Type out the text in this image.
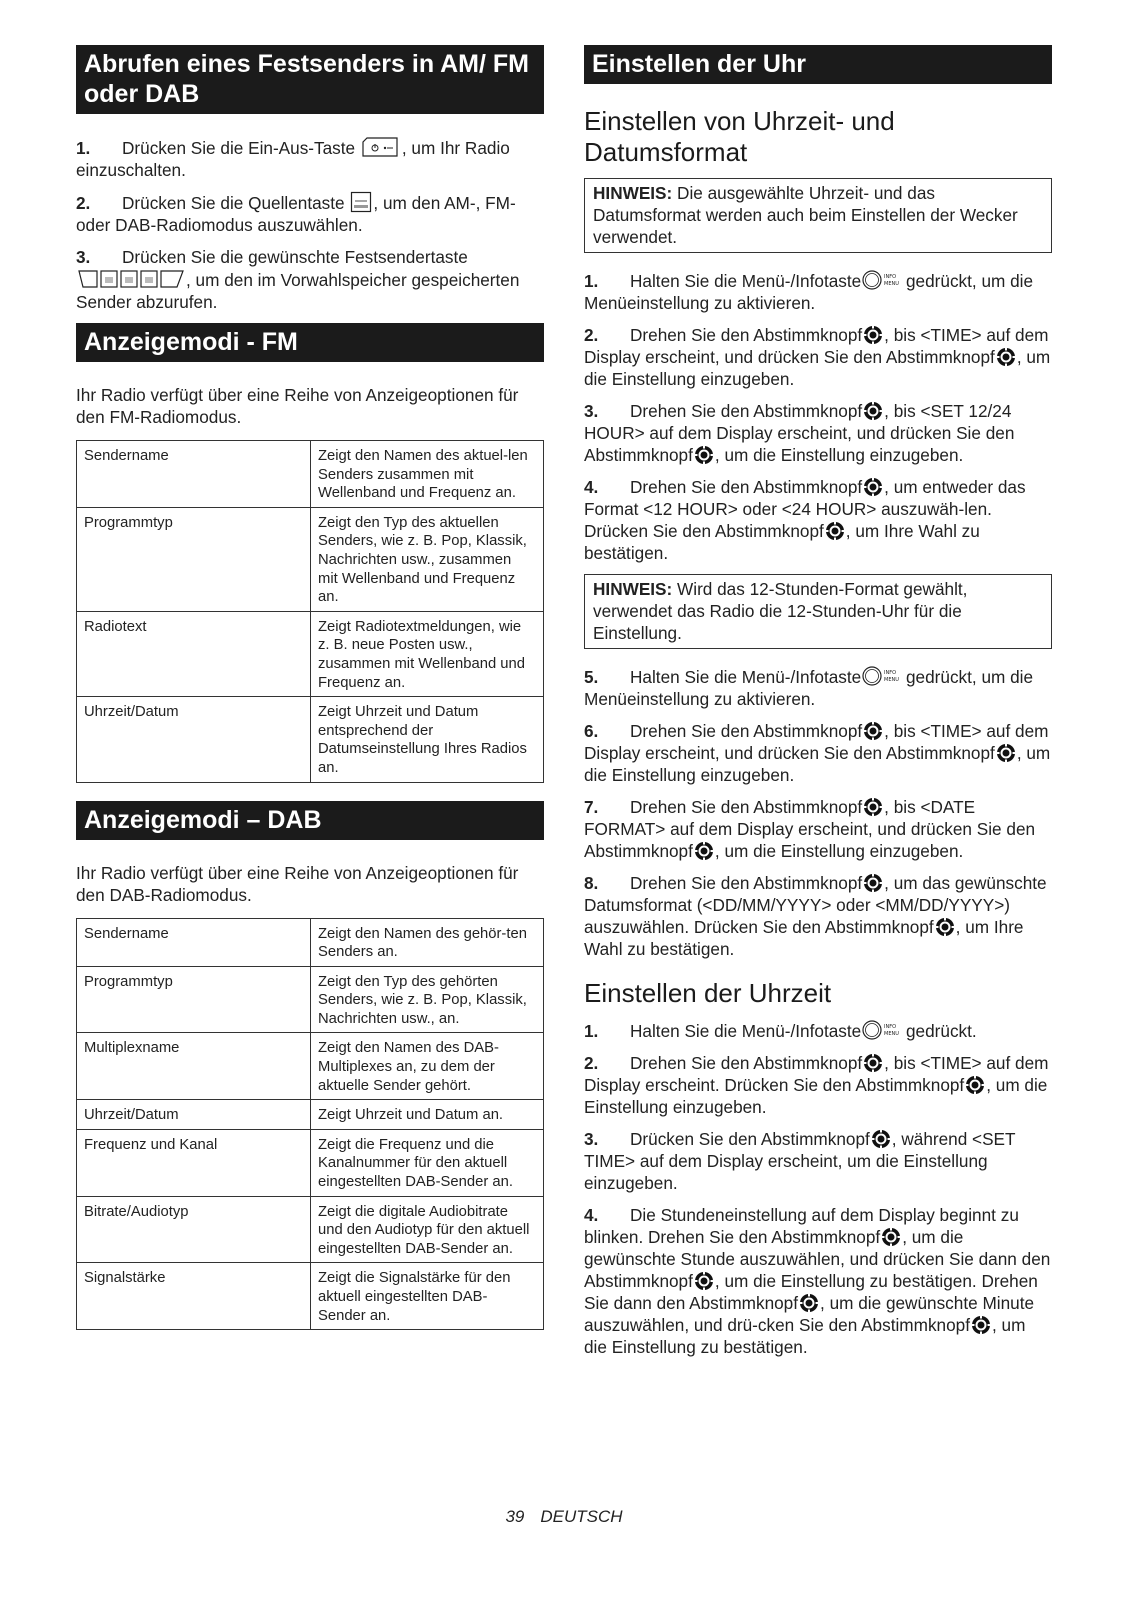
Abrufen eines Festsenders in AM/ FM oder DAB
1. Drücken Sie die Ein-Aus-Taste	, um Ihr Radio einzuschalten.
2. Drücken Sie die Quellentaste , um den AM-, FM- oder DAB-Radiomodus auszuwählen.
3. Drücken Sie die gewünschte Festsendertaste , um den im Vorwahlspeicher gespeicherten Sender abzurufen.
Anzeigemodi - FM

Ihr Radio verfügt über eine Reihe von Anzeigeoptionen für den FM-Radiomodus.

Sendername	Zeigt den Namen des aktuel-len Senders zusammen mit Wellenband und Frequenz an.
Programmtyp	Zeigt den Typ des aktuellen Senders, wie z. B. Pop, Klassik, Nachrichten usw., zusammen mit Wellenband und Frequenz an.
Radiotext	Zeigt Radiotextmeldungen, wie z. B. neue Posten usw., zusammen mit Wellenband und Frequenz an.
Uhrzeit/Datum	Zeigt Uhrzeit und Datum entsprechend der Datumseinstellung Ihres Radios an.
Anzeigemodi – DAB

Ihr Radio verfügt über eine Reihe von Anzeigeoptionen für den DAB-Radiomodus.

Sendername	Zeigt den Namen des gehör-ten Senders an.
Programmtyp	Zeigt den Typ des gehörten Senders, wie z. B. Pop, Klassik, Nachrichten usw., an.
Multiplexname	Zeigt den Namen des DAB-Multiplexes an, zu dem der aktuelle Sender gehört.
Uhrzeit/Datum	Zeigt Uhrzeit und Datum an.
Frequenz und Kanal	Zeigt die Frequenz und die Kanalnummer für den aktuell eingestellten DAB-Sender an.
Bitrate/Audiotyp	Zeigt die digitale Audiobitrate und den Audiotyp für den aktuell eingestellten DAB-Sender an.
Signalstärke	Zeigt die Signalstärke für den aktuell eingestellten DAB-Sender an.
Einstellen der Uhr
Einstellen von Uhrzeit- und Datumsformat
HINWEIS: Die ausgewählte Uhrzeit- und das Datumsformat werden auch beim Einstellen der Wecker verwendet.
1. Halten Sie die Menü-/Infotaste	INFO
MENU gedrückt, um die Menüeinstellung zu aktivieren.
2. Drehen Sie den Abstimmknopf , bis <TIME> auf dem Display erscheint, und drücken Sie den Abstimmknopf , um die Einstellung einzugeben.
3. Drehen Sie den Abstimmknopf , bis <SET 12/24 HOUR> auf dem Display erscheint, und drücken Sie den Abstimmknopf , um die Einstellung einzugeben.
4. Drehen Sie den Abstimmknopf , um entweder das Format <12 HOUR> oder <24 HOUR> auszuwäh-len. Drücken Sie den Abstimmknopf , um Ihre Wahl zu bestätigen.
HINWEIS: Wird das 12-Stunden-Format gewählt, verwendet das Radio die 12-Stunden-Uhr für die Einstellung.
5. Halten Sie die Menü-/Infotaste	INFO
MENU gedrückt, um die Menüeinstellung zu aktivieren.
6. Drehen Sie den Abstimmknopf , bis <TIME> auf dem Display erscheint, und drücken Sie den Abstimmknopf , um die Einstellung einzugeben.
7. Drehen Sie den Abstimmknopf , bis <DATE FORMAT> auf dem Display erscheint, und drücken Sie den Abstimmknopf , um die Einstellung einzugeben.
8. Drehen Sie den Abstimmknopf , um das gewünschte Datumsformat (<DD/MM/YYYY> oder <MM/DD/YYYY>) auszuwählen. Drücken Sie den Abstimmknopf , um Ihre Wahl zu bestätigen.
Einstellen der Uhrzeit
1. Halten Sie die Menü-/Infotaste	INFO
MENU gedrückt.
2. Drehen Sie den Abstimmknopf , bis <TIME> auf dem Display erscheint. Drücken Sie den Abstimmknopf , um die Einstellung einzugeben.
3. Drücken Sie den Abstimmknopf , während <SET TIME> auf dem Display erscheint, um die Einstellung einzugeben.
4. Die Stundeneinstellung auf dem Display beginnt zu blinken. Drehen Sie den Abstimmknopf , um die gewünschte Stunde auszuwählen, und drücken Sie dann den Abstimmknopf , um die Einstellung zu bestätigen. Drehen Sie dann den Abstimmknopf , um die gewünschte Minute auszuwählen, und drü-cken Sie den Abstimmknopf , um die Einstellung zu bestätigen.
39 DEUTSCH
